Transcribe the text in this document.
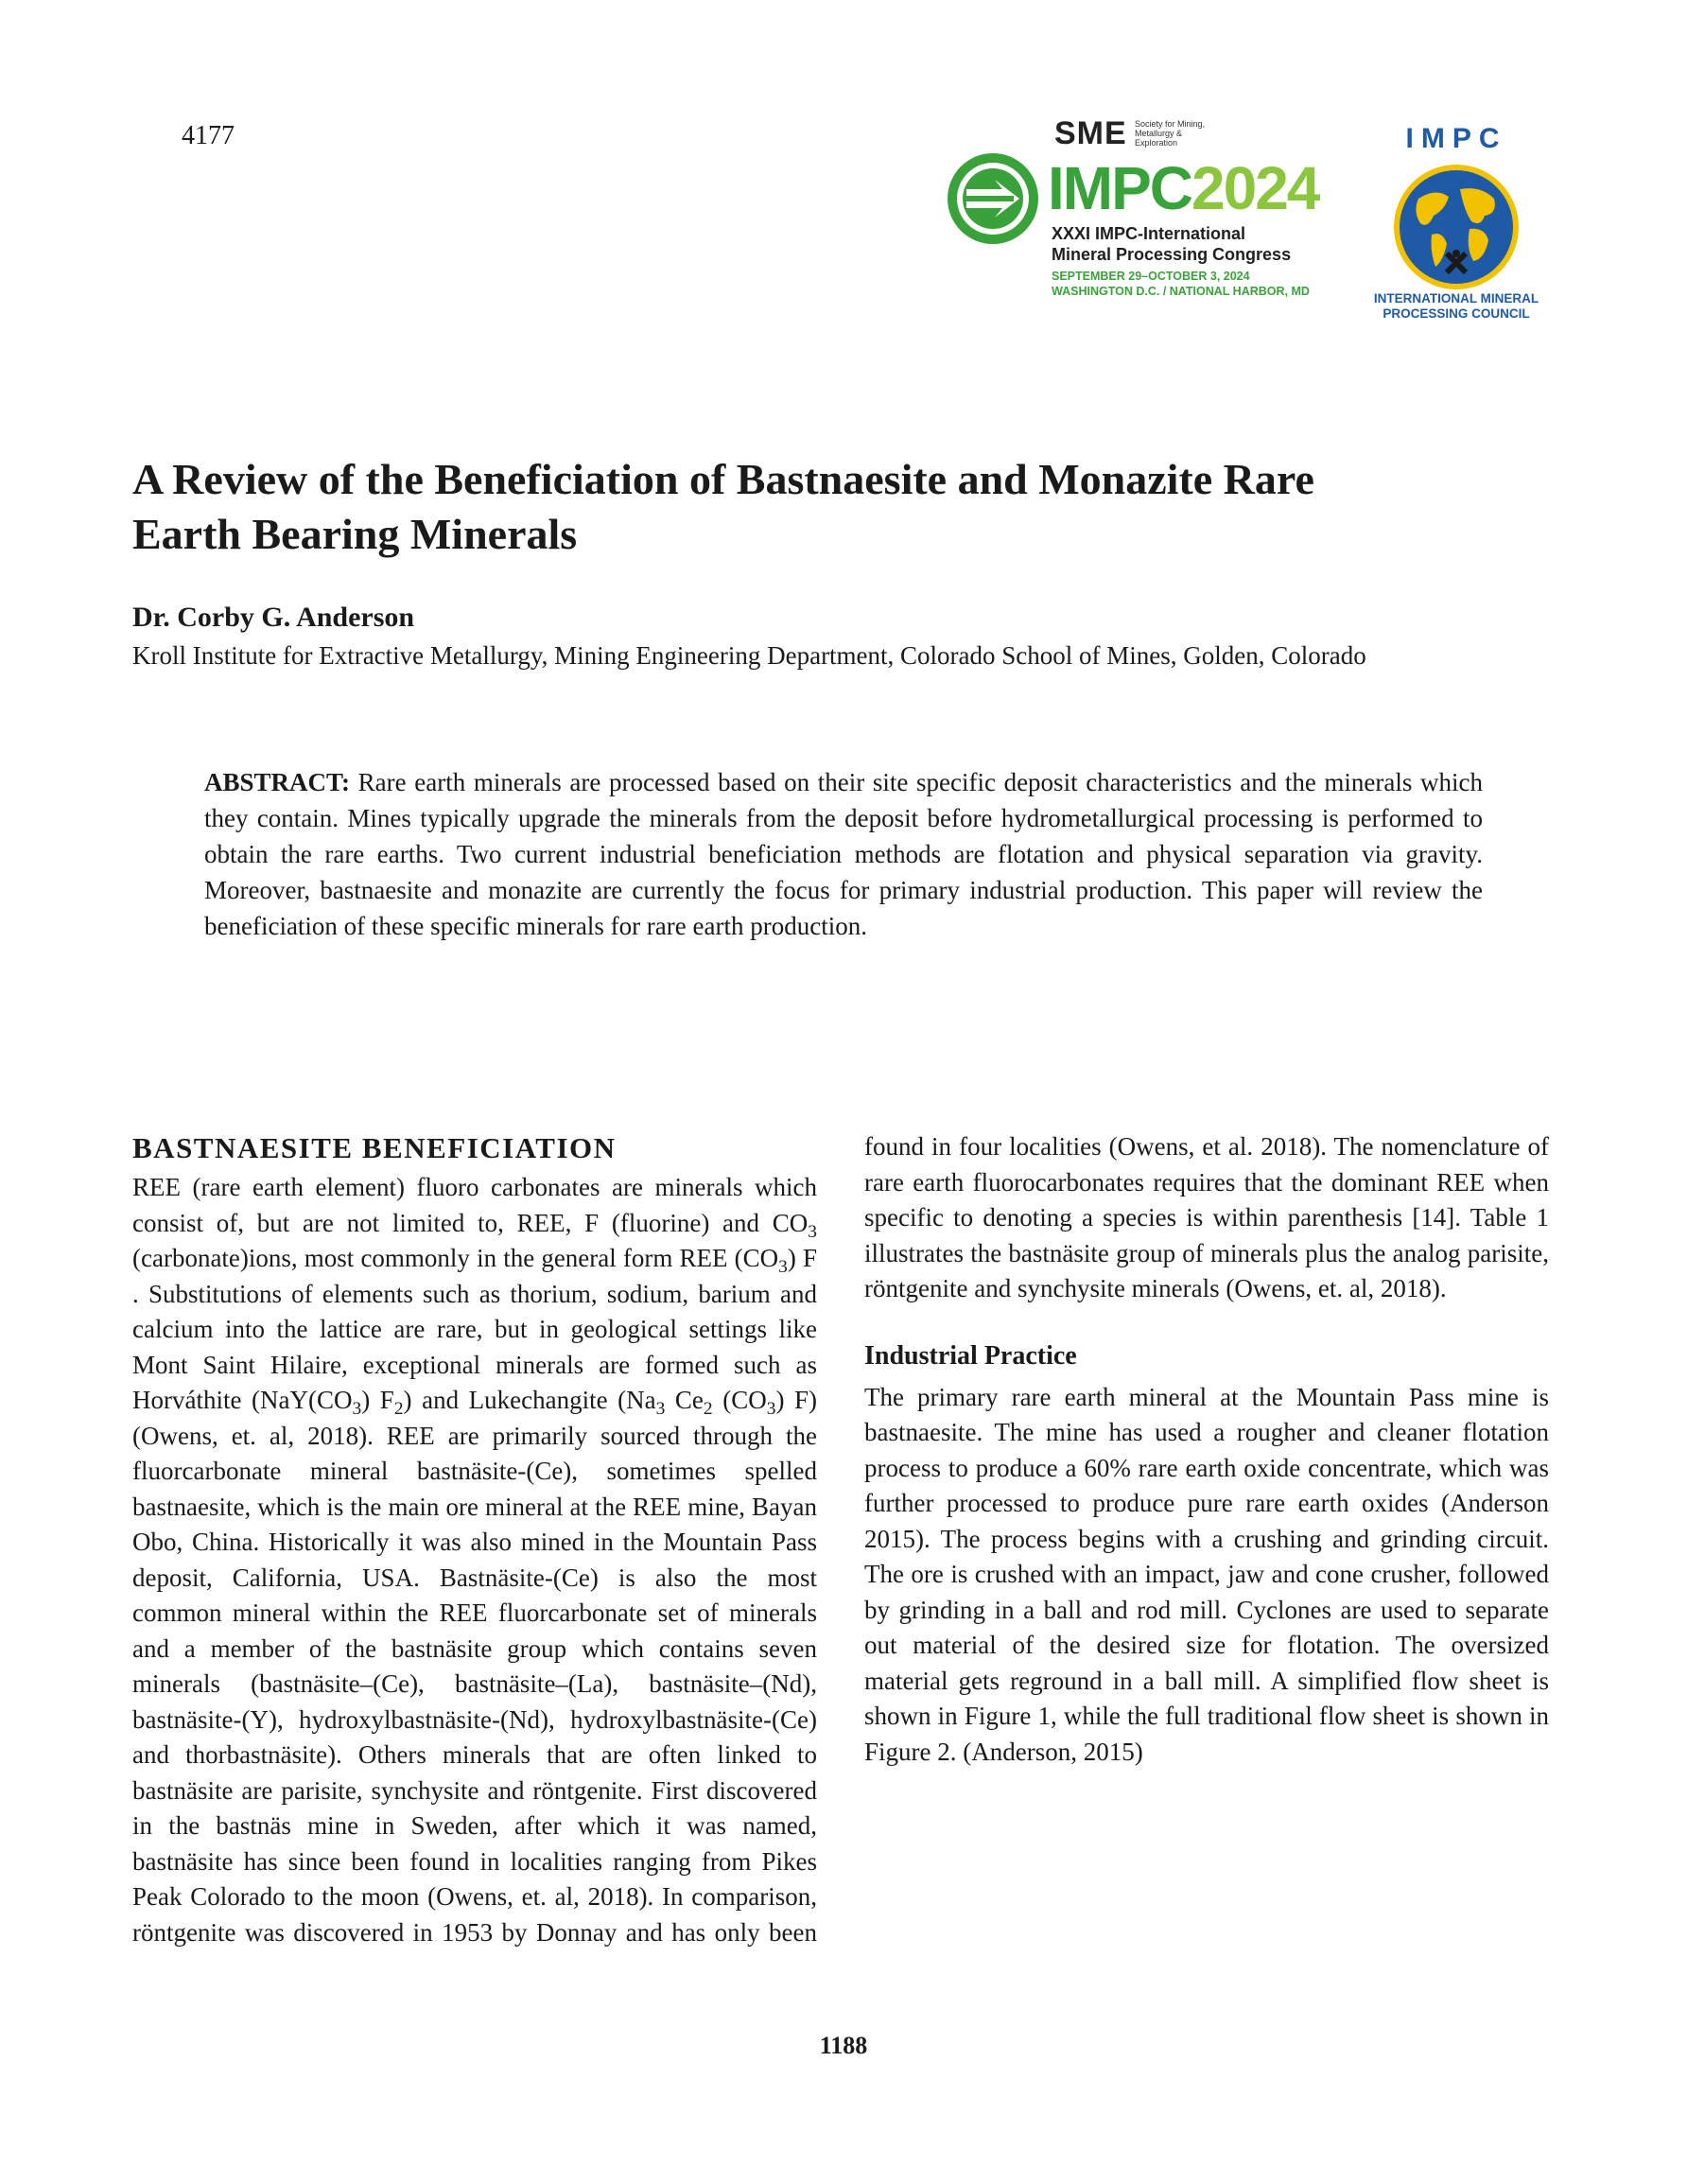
4177	SME Society for Mining, Metallurgy & Exploration
IMPC2024
XXXI IMPC-International
Mineral Processing Congress
SEPTEMBER 29–OCTOBER 3, 2024
WASHINGTON D.C. / NATIONAL HARBOR, MD
IMPC
INTERNATIONAL MINERAL
PROCESSING COUNCIL
A Review of the Beneficiation of Bastnaesite and Monazite Rare Earth Bearing Minerals
Dr. Corby G. Anderson
Kroll Institute for Extractive Metallurgy, Mining Engineering Department, Colorado School of Mines, Golden, Colorado

ABSTRACT: Rare earth minerals are processed based on their site specific deposit characteristics and the minerals which they contain. Mines typically upgrade the minerals from the deposit before hydrometallurgical processing is performed to obtain the rare earths. Two current industrial beneficiation methods are flotation and physical separation via gravity. Moreover, bastnaesite and monazite are currently the focus for primary industrial production. This paper will review the beneficiation of these specific minerals for rare earth production.

BASTNAESITE BENEFICIATION

REE (rare earth element) fluoro carbonates are minerals which consist of, but are not limited to, REE, F (fluorine) and $CO_3$ (carbonate)ions, most commonly in the general form REE $(CO_3)$ F . Substitutions of elements such as thorium, sodium, barium and calcium into the lattice are rare, but in geological settings like Mont Saint Hilaire, exceptional minerals are formed such as Horváthite ($NaY(CO_3)$ $F_2$) and Lukechangite ($Na_3$ $Ce_2$ $(CO_3)$ F) (Owens, et. al, 2018). REE are primarily sourced through the fluorcarbonate mineral bastnäsite-(Ce), sometimes spelled bastnaesite, which is the main ore mineral at the REE mine, Bayan Obo, China. Historically it was also mined in the Mountain Pass deposit, California, USA. Bastnäsite-(Ce) is also the most common mineral within the REE fluorcarbonate set of minerals and a member of the bastnäsite group which contains seven minerals (bastnäsite–(Ce), bastnäsite–(La), bastnäsite–(Nd), bastnäsite-(Y), hydroxylbastnäsite-(Nd), hydroxylbastnäsite-(Ce) and thorbastnäsite). Others minerals that are often linked to bastnäsite are parisite, synchysite and röntgenite. First discovered in the bastnäs mine in Sweden, after which it was named, bastnäsite has since been found in localities ranging from Pikes Peak Colorado to the moon (Owens, et. al, 2018). In comparison, röntgenite was discovered in 1953 by Donnay and has only been

found in four localities (Owens, et al. 2018). The nomenclature of rare earth fluorocarbonates requires that the dominant REE when specific to denoting a species is within parenthesis [14]. Table 1 illustrates the bastnäsite group of minerals plus the analog parisite, röntgenite and synchysite minerals (Owens, et. al, 2018).

Industrial Practice

The primary rare earth mineral at the Mountain Pass mine is bastnaesite. The mine has used a rougher and cleaner flotation process to produce a 60% rare earth oxide concentrate, which was further processed to produce pure rare earth oxides (Anderson 2015). The process begins with a crushing and grinding circuit. The ore is crushed with an impact, jaw and cone crusher, followed by grinding in a ball and rod mill. Cyclones are used to separate out material of the desired size for flotation. The oversized material gets reground in a ball mill. A simplified flow sheet is shown in Figure 1, while the full traditional flow sheet is shown in Figure 2. (Anderson, 2015)

1188
